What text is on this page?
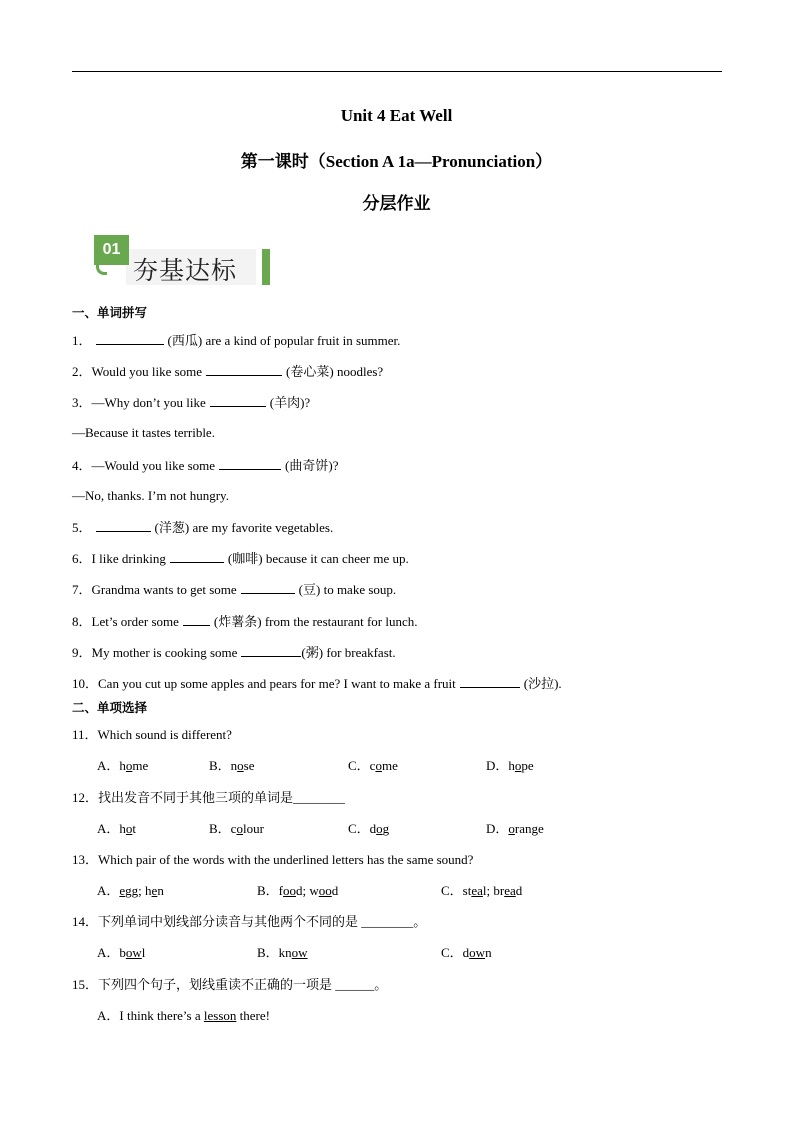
Unit 4 Eat Well
第一课时（Section A 1a—Pronunciation）
分层作业
01
夯基达标
一、单词拼写
1．	(西瓜) are a kind of popular fruit in summer.
2．Would you like some	(卷心菜) noodles?
3．—Why don’t you like	(羊肉)?
—Because it tastes terrible.
4．—Would you like some	(曲奇饼)?
—No, thanks. I’m not hungry.
5．	(洋葱) are my favorite vegetables.
6．I like drinking	(咖啡) because it can cheer me up.
7．Grandma wants to get some	(豆) to make soup.
8．Let’s order some	(炸薯条) from the restaurant for lunch.
9．My mother is cooking some	(粥) for breakfast.
10．Can you cut up some apples and pears for me? I want to make a fruit	(沙拉).
二、单项选择
11．Which sound is different?
A．home	B．nose	C．come	D．hope
12．找出发音不同于其他三项的单词是________
A．hot	B．colour	C．dog	D．orange
13．Which pair of the words with the underlined letters has the same sound?
A．egg; hen	B．food; wood	C．steal; bread
14．下列单词中划线部分读音与其他两个不同的是 ________。
A．bowl	B．know	C．down
15．下列四个句子，划线重读不正确的一项是 ______。
A．I think there’s a lesson there!
